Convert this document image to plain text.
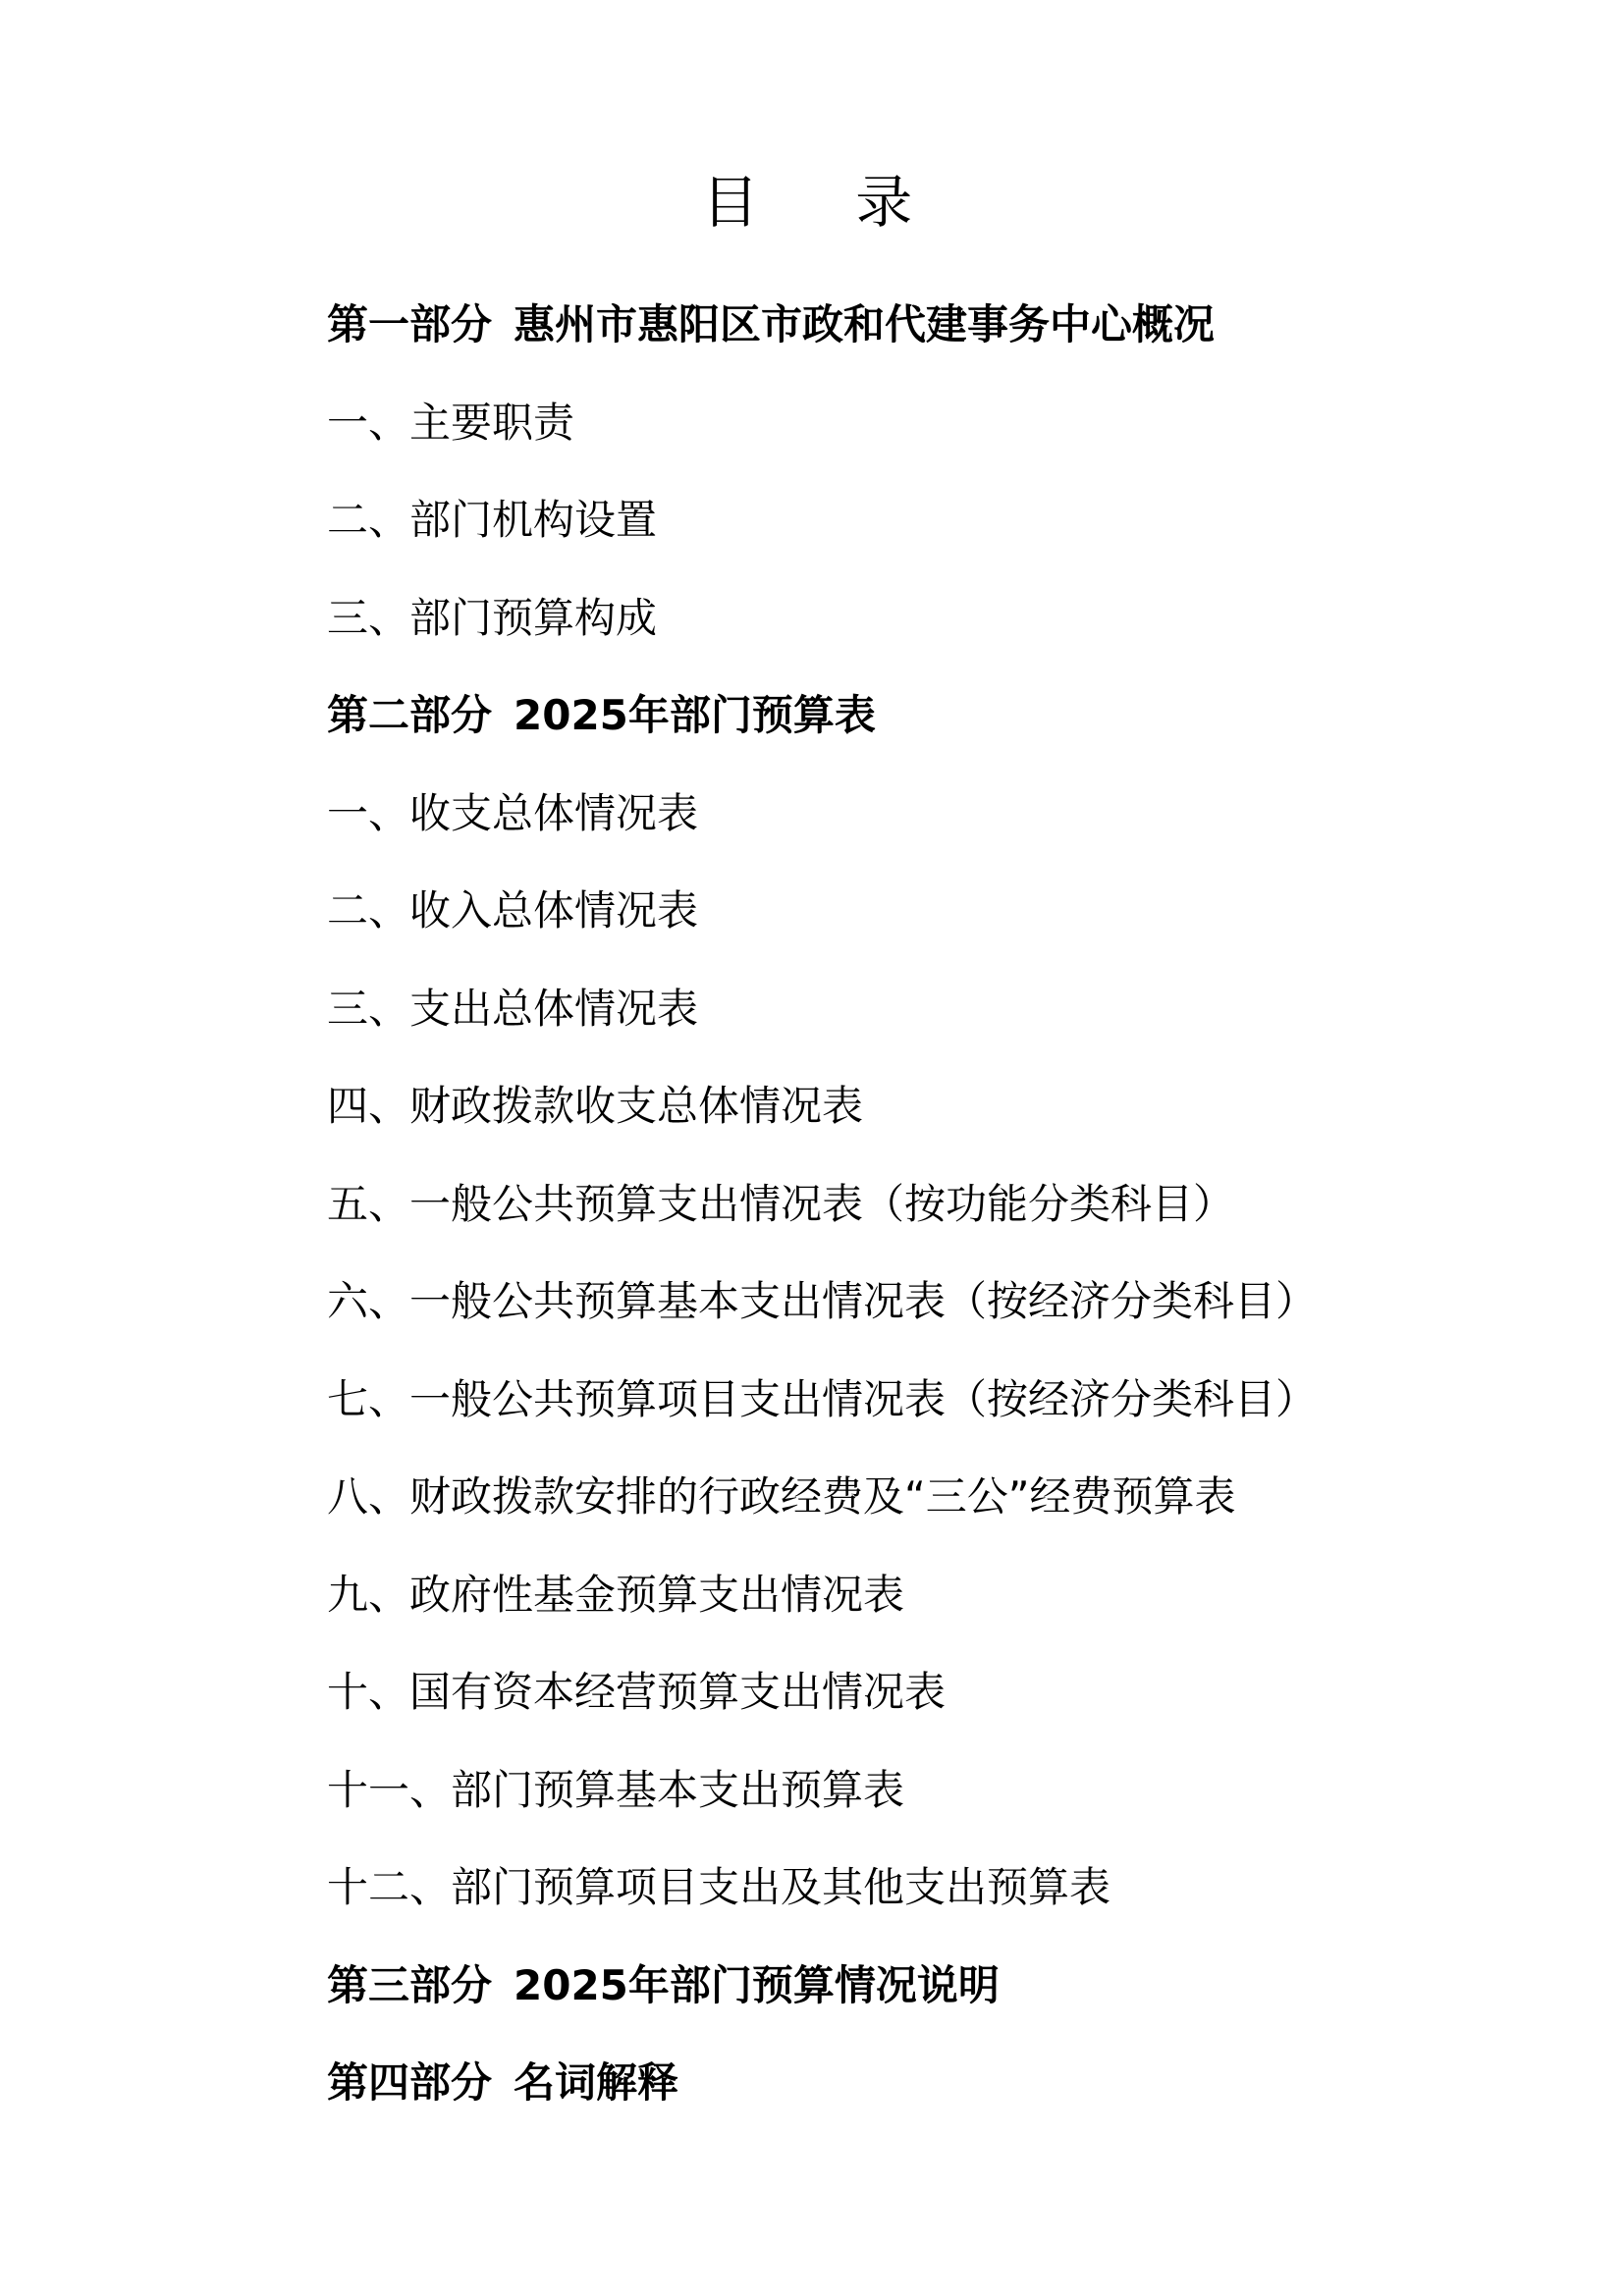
目 录
第一部分 惠州市惠阳区市政和代建事务中心概况
一、主要职责
二、部门机构设置
三、部门预算构成
第二部分 2025年部门预算表
一、收支总体情况表
二、收入总体情况表
三、支出总体情况表
四、财政拨款收支总体情况表
五、一般公共预算支出情况表（按功能分类科目）
六、一般公共预算基本支出情况表（按经济分类科目）
七、一般公共预算项目支出情况表（按经济分类科目）
八、财政拨款安排的行政经费及“三公”经费预算表
九、政府性基金预算支出情况表
十、国有资本经营预算支出情况表
十一、部门预算基本支出预算表
十二、部门预算项目支出及其他支出预算表
第三部分 2025年部门预算情况说明
第四部分 名词解释
